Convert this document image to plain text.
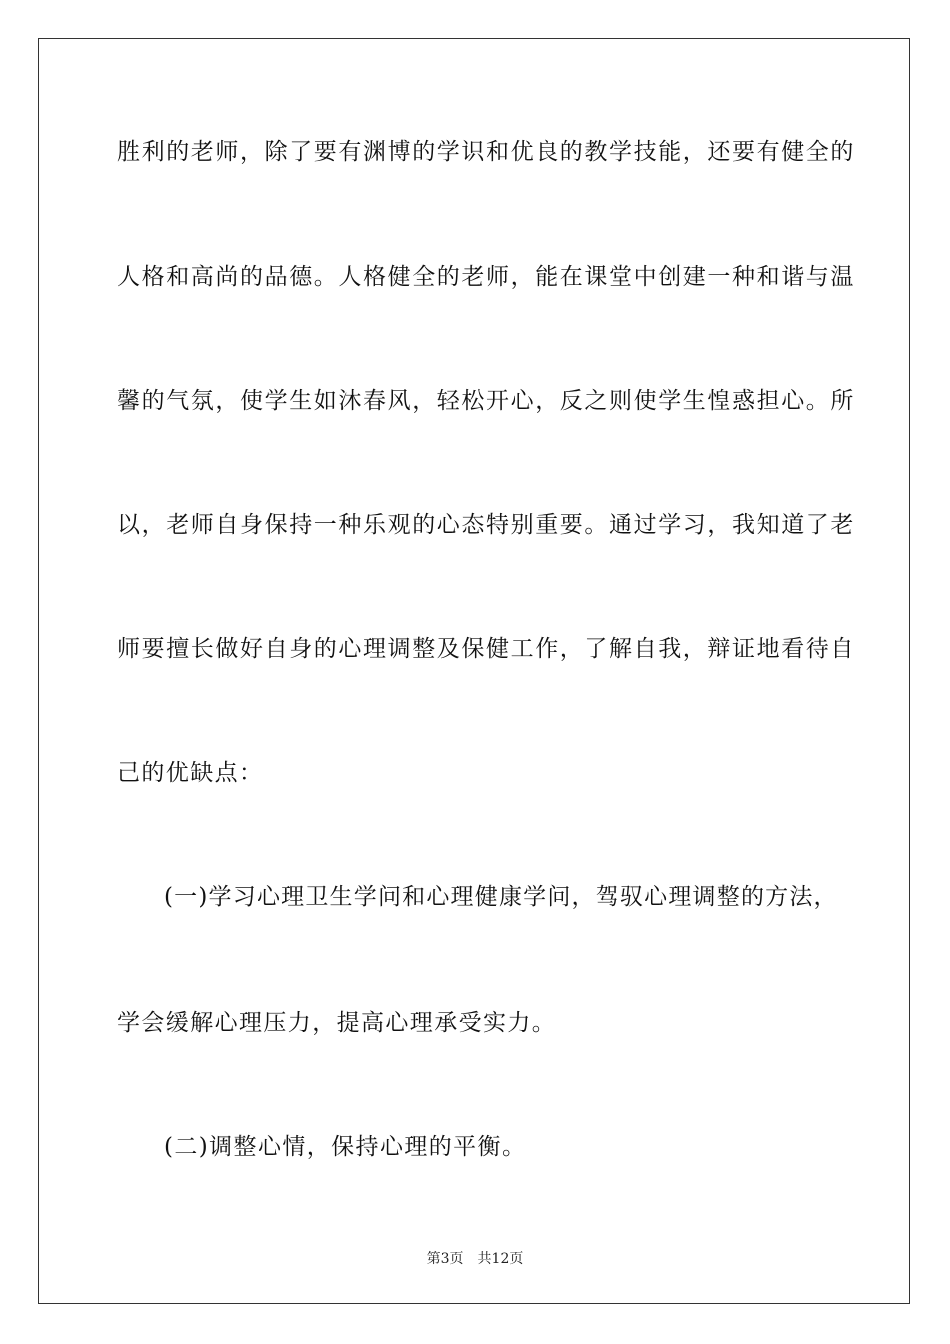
胜利的老师，除了要有渊博的学识和优良的教学技能，还要有健全的
人格和高尚的品德。人格健全的老师，能在课堂中创建一种和谐与温
馨的气氛，使学生如沐春风，轻松开心，反之则使学生惶惑担心。所
以，老师自身保持一种乐观的心态特别重要。通过学习，我知道了老
师要擅长做好自身的心理调整及保健工作，了解自我，辩证地看待自
己的优缺点：
(一)学习心理卫生学问和心理健康学问，驾驭心理调整的方法，
学会缓解心理压力，提高心理承受实力。
(二)调整心情，保持心理的平衡。
第3页 共12页
